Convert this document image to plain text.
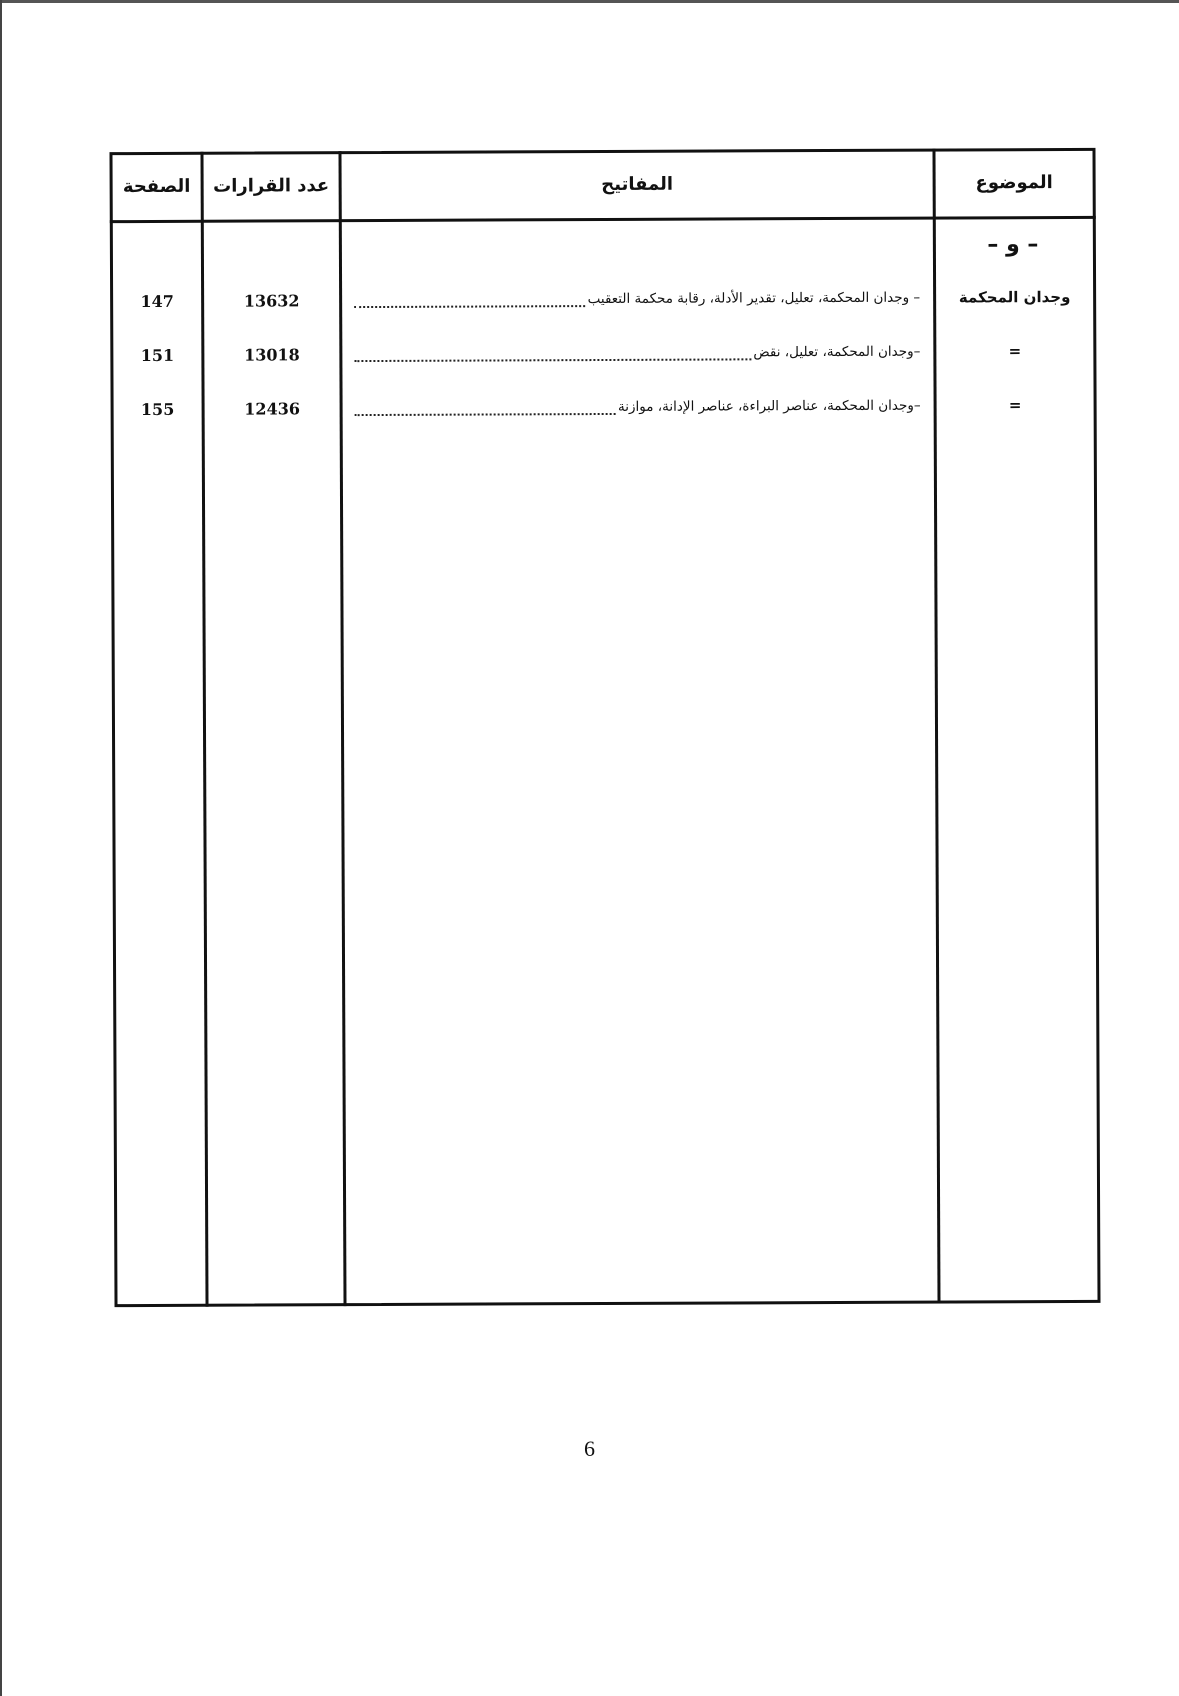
الموضوع
المفاتيح
عدد القرارات
الصفحة
– و –
وجدان المحكمة
– وجدان المحكمة، تعليل، تقدير الأدلة، رقابة محكمة التعقيب
13632
147
=
–وجدان المحكمة، تعليل، نقض
13018
151
=
–وجدان المحكمة، عناصر البراءة، عناصر الإدانة، موازنة
12436
155
6
